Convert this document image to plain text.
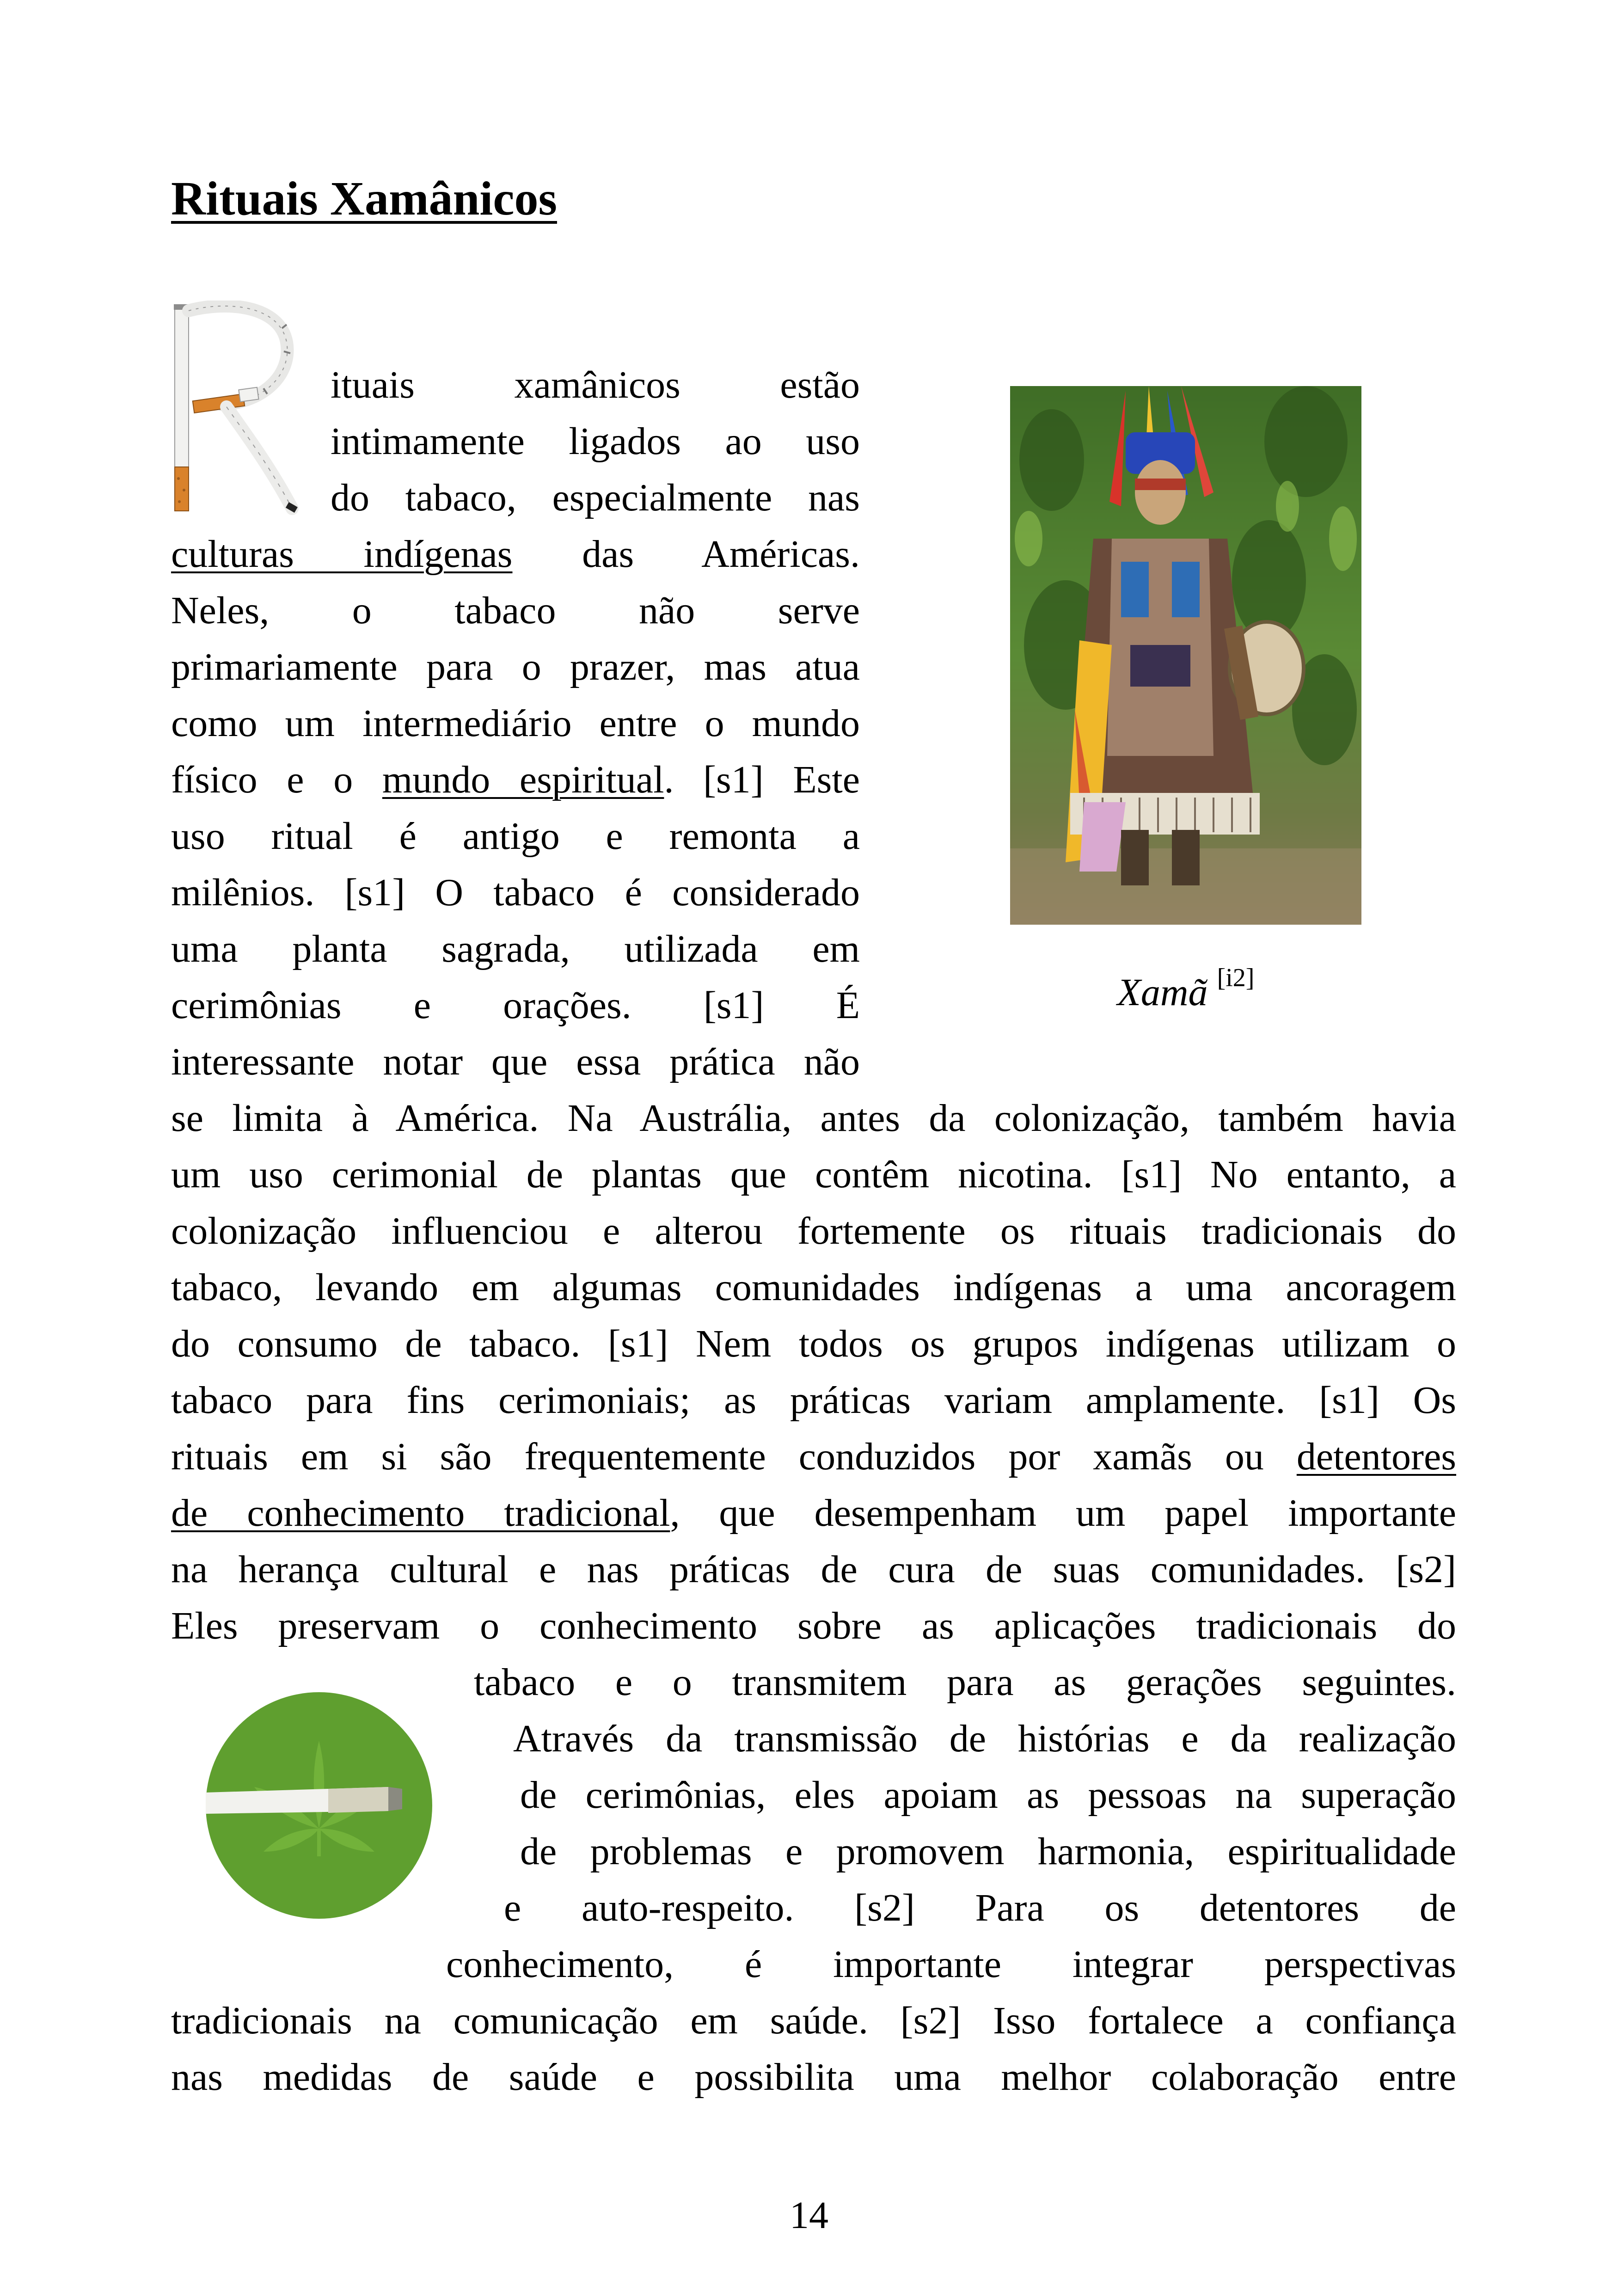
Rituais Xamânicos
Xamã [i2]

ituais xamânicos estão

intimamente ligados ao uso

do tabaco, especialmente nas

culturas indígenas das Américas.

Neles, o tabaco não serve

primariamente para o prazer, mas atua

como um intermediário entre o mundo

físico e o mundo espiritual. [s1] Este

uso ritual é antigo e remonta a

milênios. [s1] O tabaco é considerado

uma planta sagrada, utilizada em

cerimônias e orações. [s1] É

interessante notar que essa prática não

se limita à América. Na Austrália, antes da colonização, também havia

um uso cerimonial de plantas que contêm nicotina. [s1] No entanto, a

colonização influenciou e alterou fortemente os rituais tradicionais do

tabaco, levando em algumas comunidades indígenas a uma ancoragem

do consumo de tabaco. [s1] Nem todos os grupos indígenas utilizam o

tabaco para fins cerimoniais; as práticas variam amplamente. [s1] Os

rituais em si são frequentemente conduzidos por xamãs ou detentores

de conhecimento tradicional, que desempenham um papel importante

na herança cultural e nas práticas de cura de suas comunidades. [s2]

Eles preservam o conhecimento sobre as aplicações tradicionais do

tabaco e o transmitem para as gerações seguintes.

Através da transmissão de histórias e da realização

de cerimônias, eles apoiam as pessoas na superação

de problemas e promovem harmonia, espiritualidade

e auto-respeito. [s2] Para os detentores de

conhecimento, é importante integrar perspectivas

tradicionais na comunicação em saúde. [s2] Isso fortalece a confiança

nas medidas de saúde e possibilita uma melhor colaboração entre

14
